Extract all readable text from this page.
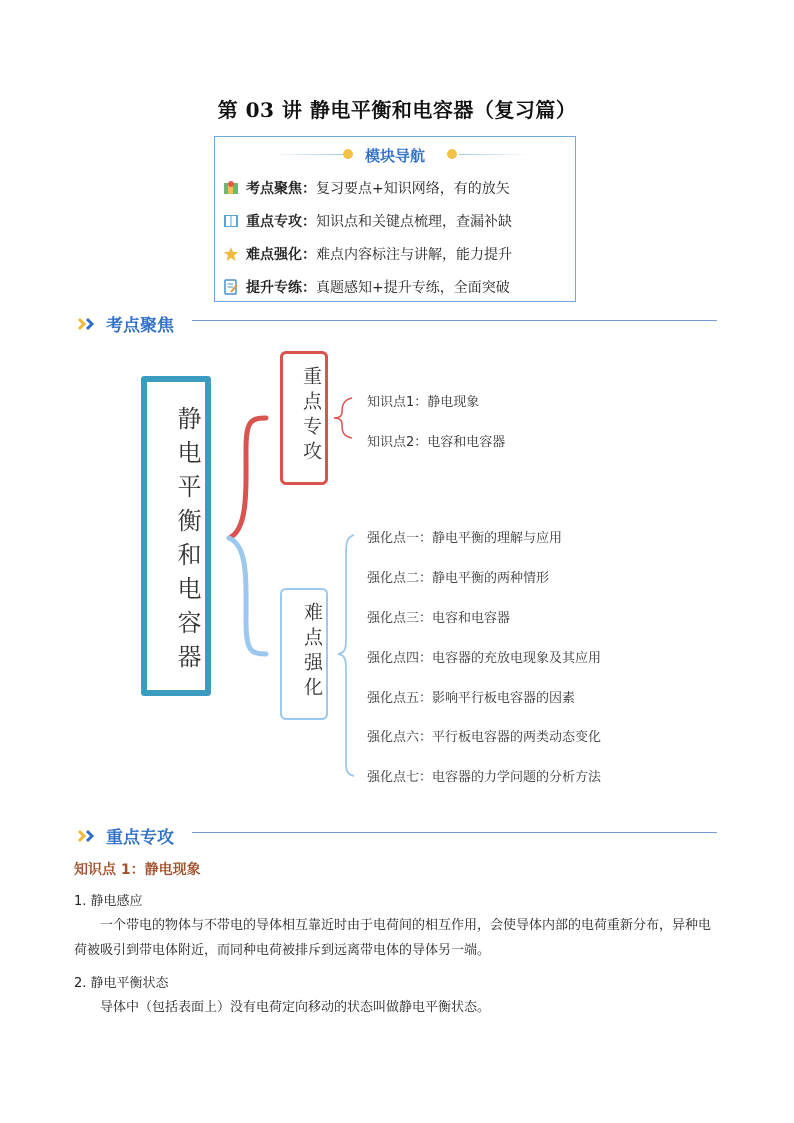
第 03 讲 静电平衡和电容器（复习篇）
模块导航
考点聚焦： 复习要点+知识网络，有的放矢
重点专攻： 知识点和关键点梳理，查漏补缺
难点强化： 难点内容标注与讲解，能力提升
提升专练： 真题感知+提升专练，全面突破
考点聚焦
静电平衡和电容器	重点专攻
难点强化
知识点1：静电现象
知识点2：电容和电容器
强化点一：静电平衡的理解与应用
强化点二：静电平衡的两种情形
强化点三：电容和电容器
强化点四：电容器的充放电现象及其应用
强化点五：影响平行板电容器的因素
强化点六：平行板电容器的两类动态变化
强化点七：电容器的力学问题的分析方法
重点专攻
知识点 1：静电现象
1. 静电感应
一个带电的物体与不带电的导体相互靠近时由于电荷间的相互作用，会使导体内部的电荷重新分布，异种电荷被吸引到带电体附近，而同种电荷被排斥到远离带电体的导体另一端。
2. 静电平衡状态
导体中（包括表面上）没有电荷定向移动的状态叫做静电平衡状态。
